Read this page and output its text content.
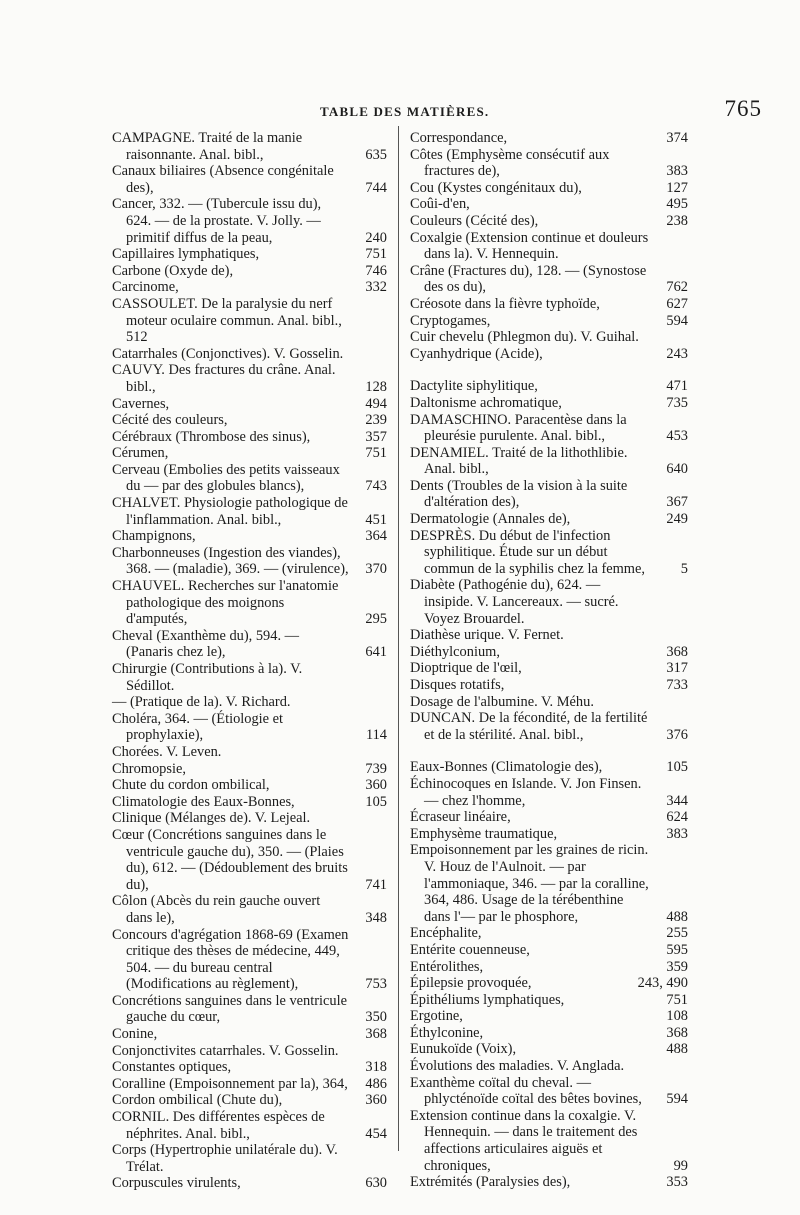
TABLE DES MATIÈRES.	765

CAMPAGNE. Traité de la manie raisonnante. Anal. bibl.,	635

Canaux biliaires (Absence congénitale des),	744

Cancer, 332. — (Tubercule issu du), 624. — de la prostate. V. Jolly. — primitif diffus de la peau,	240

Capillaires lymphatiques,	751

Carbone (Oxyde de),	746

Carcinome,	332

CASSOULET. De la paralysie du nerf moteur oculaire commun. Anal. bibl., 512

Catarrhales (Conjonctives). V. Gosselin.

CAUVY. Des fractures du crâne. Anal. bibl.,	128

Cavernes,	494

Cécité des couleurs,	239

Cérébraux (Thrombose des sinus),	357

Cérumen,	751

Cerveau (Embolies des petits vaisseaux du — par des globules blancs),	743

CHALVET. Physiologie pathologique de l'inflammation. Anal. bibl.,	451

Champignons,	364

Charbonneuses (Ingestion des viandes), 368. — (maladie), 369. — (virulence), 370

CHAUVEL. Recherches sur l'anatomie pathologique des moignons d'amputés,	295

Cheval (Exanthème du), 594. — (Panaris chez le),	641

Chirurgie (Contributions à la). V. Sédillot.

— (Pratique de la). V. Richard.

Choléra, 364. — (Étiologie et prophylaxie),	114

Chorées. V. Leven.

Chromopsie,	739

Chute du cordon ombilical,	360

Climatologie des Eaux-Bonnes,	105

Clinique (Mélanges de). V. Lejeal.

Cœur (Concrétions sanguines dans le ventricule gauche du), 350. — (Plaies du), 612. — (Dédoublement des bruits du),	741

Côlon (Abcès du rein gauche ouvert dans le),	348

Concours d'agrégation 1868-69 (Examen critique des thèses de médecine, 449, 504. — du bureau central (Modifications au règlement),	753

Concrétions sanguines dans le ventricule gauche du cœur,	350

Conine,	368

Conjonctivites catarrhales. V. Gosselin.

Constantes optiques,	318

Coralline (Empoisonnement par la), 364, 486

Cordon ombilical (Chute du),	360

CORNIL. Des différentes espèces de néphrites. Anal. bibl.,	454

Corps (Hypertrophie unilatérale du). V. Trélat.

Corpuscules virulents,	630

Correspondance,	374

Côtes (Emphysème consécutif aux fractures de),	383

Cou (Kystes congénitaux du),	127

Coûi-d'en,	495

Couleurs (Cécité des),	238

Coxalgie (Extension continue et douleurs dans la). V. Hennequin.

Crâne (Fractures du), 128. — (Synostose des os du),	762

Créosote dans la fièvre typhoïde,	627

Cryptogames,	594

Cuir chevelu (Phlegmon du). V. Guihal.

Cyanhydrique (Acide),	243

Dactylite siphylitique,	471

Daltonisme achromatique,	735

DAMASCHINO. Paracentèse dans la pleurésie purulente. Anal. bibl.,	453

DENAMIEL. Traité de la lithothlibie. Anal. bibl.,	640

Dents (Troubles de la vision à la suite d'altération des),	367

Dermatologie (Annales de),	249

DESPRÈS. Du début de l'infection syphilitique. Étude sur un début commun de la syphilis chez la femme, 5

Diabète (Pathogénie du), 624. — insipide. V. Lancereaux. — sucré. Voyez Brouardel.

Diathèse urique. V. Fernet.

Diéthylconium,	368

Dioptrique de l'œil,	317

Disques rotatifs,	733

Dosage de l'albumine. V. Méhu.

DUNCAN. De la fécondité, de la fertilité et de la stérilité. Anal. bibl.,	376

Eaux-Bonnes (Climatologie des),	105

Échinocoques en Islande. V. Jon Finsen. — chez l'homme,	344

Écraseur linéaire,	624

Emphysème traumatique,	383

Empoisonnement par les graines de ricin. V. Houz de l'Aulnoit. — par l'ammoniaque, 346. — par la coralline, 364, 486. Usage de la térébenthine dans l'— par le phosphore,	488

Encéphalite,	255

Entérite couenneuse,	595

Entérolithes,	359

Épilepsie provoquée,	243, 490

Épithéliums lymphatiques,	751

Ergotine,	108

Éthylconine,	368

Eunukoïde (Voix),	488

Évolutions des maladies. V. Anglada.

Exanthème coïtal du cheval. — phlycténoïde coïtal des bêtes bovines, 594

Extension continue dans la coxalgie. V. Hennequin. — dans le traitement des affections articulaires aiguës et chroniques,	99

Extrémités (Paralysies des),	353
